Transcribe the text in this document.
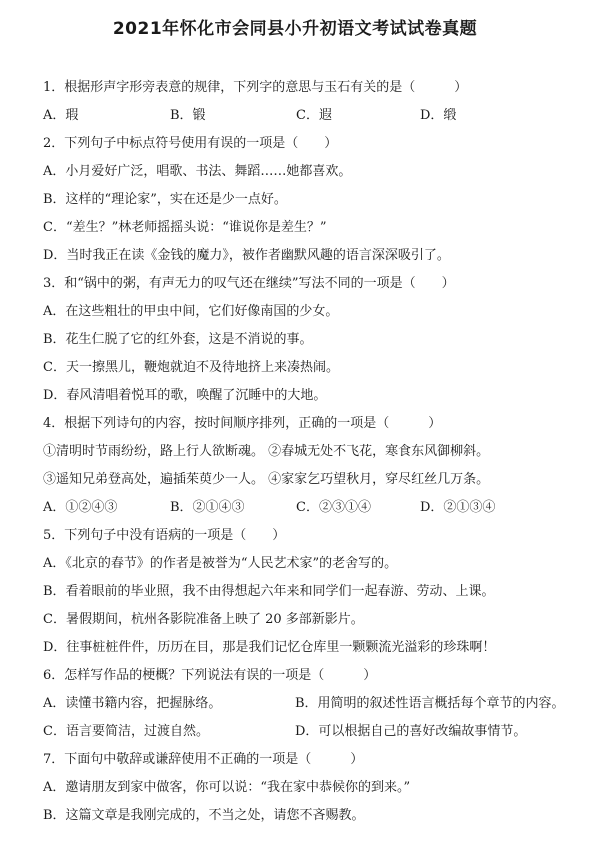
2021年怀化市会同县小升初语文考试试卷真题
1．根据形声字形旁表意的规律，下列字的意思与玉石有关的是（　　　）
A．瑕	B．锻	C．遐	D．缎
2．下列句子中标点符号使用有误的一项是（　　）
A．小月爱好广泛，唱歌、书法、舞蹈……她都喜欢。
B．这样的“理论家”，实在还是少一点好。
C．“差生？”林老师摇摇头说：“谁说你是差生？”
D．当时我正在读《金钱的魔力》，被作者幽默风趣的语言深深吸引了。
3．和“锅中的粥，有声无力的叹气还在继续”写法不同的一项是（　　）
A．在这些粗壮的甲虫中间，它们好像南国的少女。
B．花生仁脱了它的红外套，这是不消说的事。
C．天一擦黑儿，鞭炮就迫不及待地挤上来凑热闹。
D．春风清唱着悦耳的歌，唤醒了沉睡中的大地。
4．根据下列诗句的内容，按时间顺序排列，正确的一项是（　　　）
①清明时节雨纷纷，路上行人欲断魂。 ②春城无处不飞花，寒食东风御柳斜。
③遥知兄弟登高处，遍插茱萸少一人。 ④家家乞巧望秋月，穿尽红丝几万条。
A．①②④③	B．②①④③	C．②③①④	D．②①③④
5．下列句子中没有语病的一项是（　　）
A．《北京的春节》的作者是被誉为“人民艺术家”的老舍写的。
B．看着眼前的毕业照，我不由得想起六年来和同学们一起春游、劳动、上课。
C．暑假期间，杭州各影院准备上映了 20 多部新影片。
D．往事桩桩件件，历历在目，那是我们记忆仓库里一颗颗流光溢彩的珍珠啊！
6．怎样写作品的梗概？下列说法有误的一项是（　　　）
A．读懂书籍内容，把握脉络。	B．用简明的叙述性语言概括每个章节的内容。
C．语言要简洁，过渡自然。	D．可以根据自己的喜好改编故事情节。
7．下面句中敬辞或谦辞使用不正确的一项是（　　　）
A．邀请朋友到家中做客，你可以说：“我在家中恭候你的到来。”
B．这篇文章是我刚完成的，不当之处，请您不吝赐教。
